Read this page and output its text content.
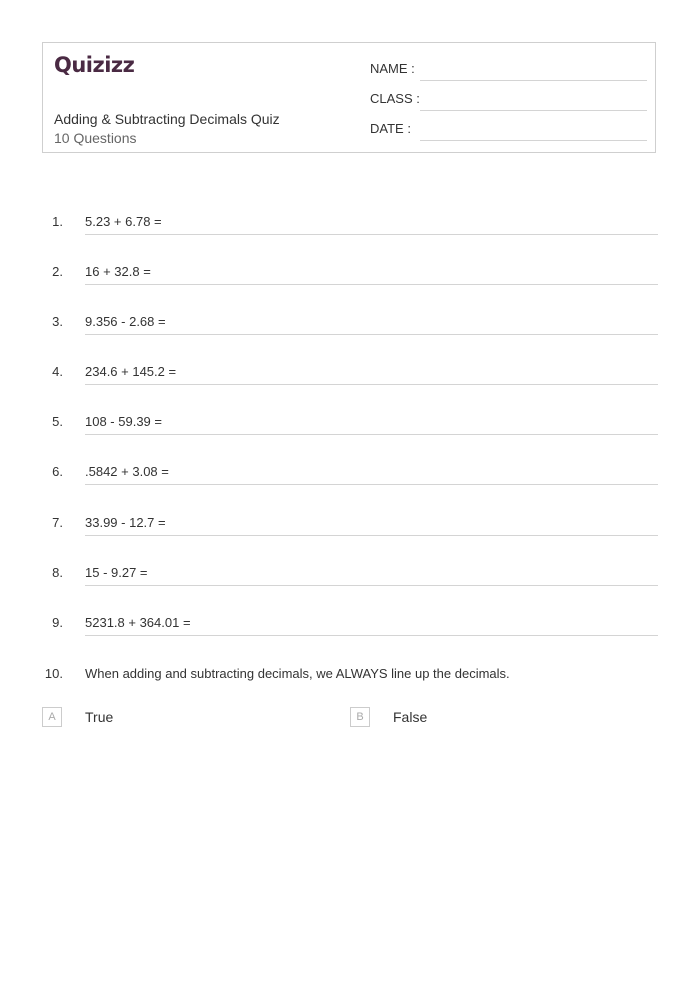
Quizizz
Adding & Subtracting Decimals Quiz
10 Questions
NAME :
CLASS :
DATE :
1. 5.23 + 6.78 =
2. 16 + 32.8 =
3. 9.356 - 2.68 =
4. 234.6 + 145.2 =
5. 108 - 59.39 =
6. .5842 + 3.08 =
7. 33.99 - 12.7 =
8. 15 - 9.27 =
9. 5231.8 + 364.01 =
10. When adding and subtracting decimals, we ALWAYS line up the decimals.
A	True	B	False
